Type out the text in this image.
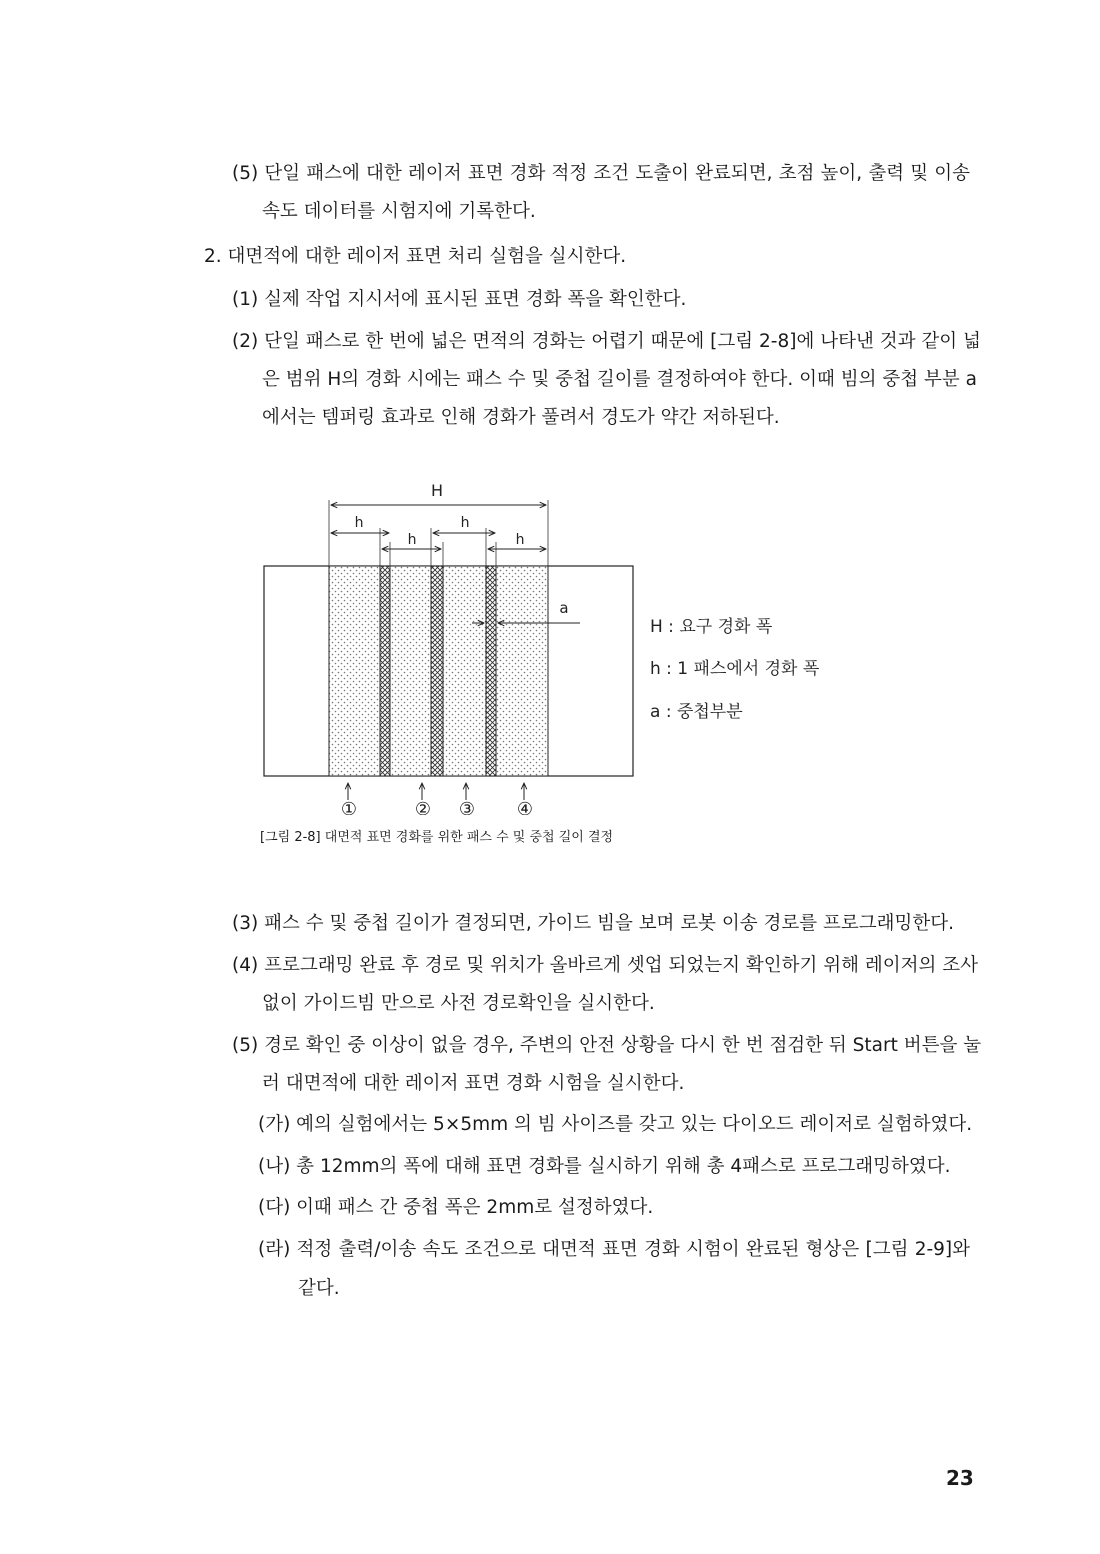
(5) 단일 패스에 대한 레이저 표면 경화 적정 조건 도출이 완료되면, 초점 높이, 출력 및 이송
속도 데이터를 시험지에 기록한다.
2. 대면적에 대한 레이저 표면 처리 실험을 실시한다.
(1) 실제 작업 지시서에 표시된 표면 경화 폭을 확인한다.
(2) 단일 패스로 한 번에 넓은 면적의 경화는 어렵기 때문에 [그림 2-8]에 나타낸 것과 같이 넓
은 범위 H의 경화 시에는 패스 수 및 중첩 길이를 결정하여야 한다. 이때 빔의 중첩 부분 a
에서는 템퍼링 효과로 인해 경화가 풀려서 경도가 약간 저하된다.
H
h	h
h	h
a
①	② ③ ④
H : 요구 경화 폭
h : 1 패스에서 경화 폭
a : 중첩부분
[그림 2-8] 대면적 표면 경화를 위한 패스 수 및 중첩 길이 결정
(3) 패스 수 및 중첩 길이가 결정되면, 가이드 빔을 보며 로봇 이송 경로를 프로그래밍한다.
(4) 프로그래밍 완료 후 경로 및 위치가 올바르게 셋업 되었는지 확인하기 위해 레이저의 조사
없이 가이드빔 만으로 사전 경로확인을 실시한다.
(5) 경로 확인 중 이상이 없을 경우, 주변의 안전 상황을 다시 한 번 점검한 뒤 Start 버튼을 눌
러 대면적에 대한 레이저 표면 경화 시험을 실시한다.
(가) 예의 실험에서는 5×5mm 의 빔 사이즈를 갖고 있는 다이오드 레이저로 실험하였다.
(나) 총 12mm의 폭에 대해 표면 경화를 실시하기 위해 총 4패스로 프로그래밍하였다.
(다) 이때 패스 간 중첩 폭은 2mm로 설정하였다.
(라) 적정 출력/이송 속도 조건으로 대면적 표면 경화 시험이 완료된 형상은 [그림 2-9]와
같다.
23
